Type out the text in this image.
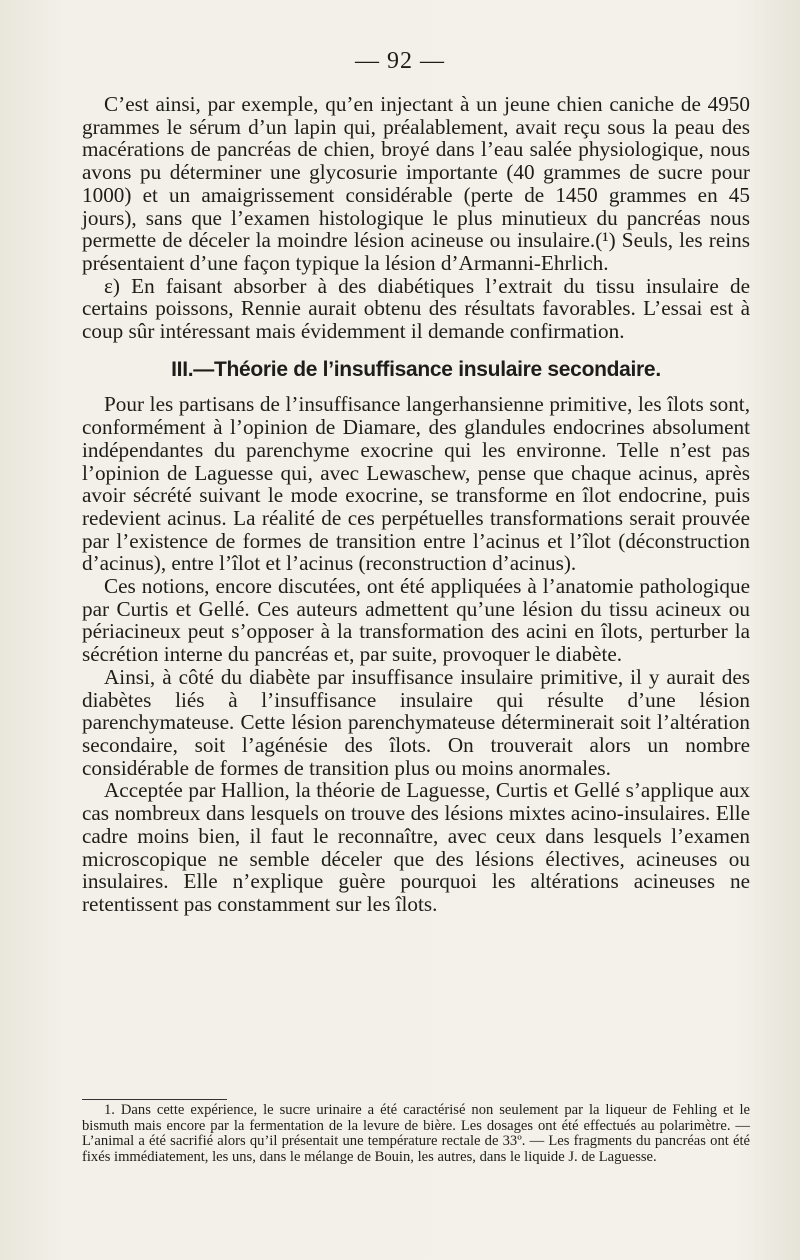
— 92 —

C’est ainsi, par exemple, qu’en injectant à un jeune chien caniche de 4950 grammes le sérum d’un lapin qui, préalablement, avait reçu sous la peau des macérations de pancréas de chien, broyé dans l’eau salée physiologique, nous avons pu déterminer une glycosurie importante (40 grammes de sucre pour 1000) et un amaigrissement considérable (perte de 1450 grammes en 45 jours), sans que l’examen histologique le plus minutieux du pancréas nous permette de déceler la moindre lésion acineuse ou insulaire.(¹) Seuls, les reins présentaient d’une façon typique la lésion d’Armanni-Ehrlich.

ε) En faisant absorber à des diabétiques l’extrait du tissu insulaire de certains poissons, Rennie aurait obtenu des résultats favorables. L’essai est à coup sûr intéressant mais évidemment il demande confirmation.

III.—Théorie de l’insuffisance insulaire secondaire.

Pour les partisans de l’insuffisance langerhansienne primitive, les îlots sont, conformément à l’opinion de Diamare, des glandules endocrines absolument indépendantes du parenchyme exocrine qui les environne. Telle n’est pas l’opinion de Laguesse qui, avec Lewaschew, pense que chaque acinus, après avoir sécrété suivant le mode exocrine, se transforme en îlot endocrine, puis redevient acinus. La réalité de ces perpétuelles transformations serait prouvée par l’existence de formes de transition entre l’acinus et l’îlot (déconstruction d’acinus), entre l’îlot et l’acinus (reconstruction d’acinus).

Ces notions, encore discutées, ont été appliquées à l’anatomie pathologique par Curtis et Gellé. Ces auteurs admettent qu’une lésion du tissu acineux ou périacineux peut s’opposer à la transformation des acini en îlots, perturber la sécrétion interne du pancréas et, par suite, provoquer le diabète.

Ainsi, à côté du diabète par insuffisance insulaire primitive, il y aurait des diabètes liés à l’insuffisance insulaire qui résulte d’une lésion parenchymateuse. Cette lésion parenchymateuse déterminerait soit l’altération secondaire, soit l’agénésie des îlots. On trouverait alors un nombre considérable de formes de transition plus ou moins anormales.

Acceptée par Hallion, la théorie de Laguesse, Curtis et Gellé s’applique aux cas nombreux dans lesquels on trouve des lésions mixtes acino-insulaires. Elle cadre moins bien, il faut le reconnaître, avec ceux dans lesquels l’examen microscopique ne semble déceler que des lésions électives, acineuses ou insulaires. Elle n’explique guère pourquoi les altérations acineuses ne retentissent pas constamment sur les îlots.

1. Dans cette expérience, le sucre urinaire a été caractérisé non seulement par la liqueur de Fehling et le bismuth mais encore par la fermentation de la levure de bière. Les dosages ont été effectués au polarimètre. — L’animal a été sacrifié alors qu’il présentait une température rectale de 33º. — Les fragments du pancréas ont été fixés immédiatement, les uns, dans le mélange de Bouin, les autres, dans le liquide J. de Laguesse.
